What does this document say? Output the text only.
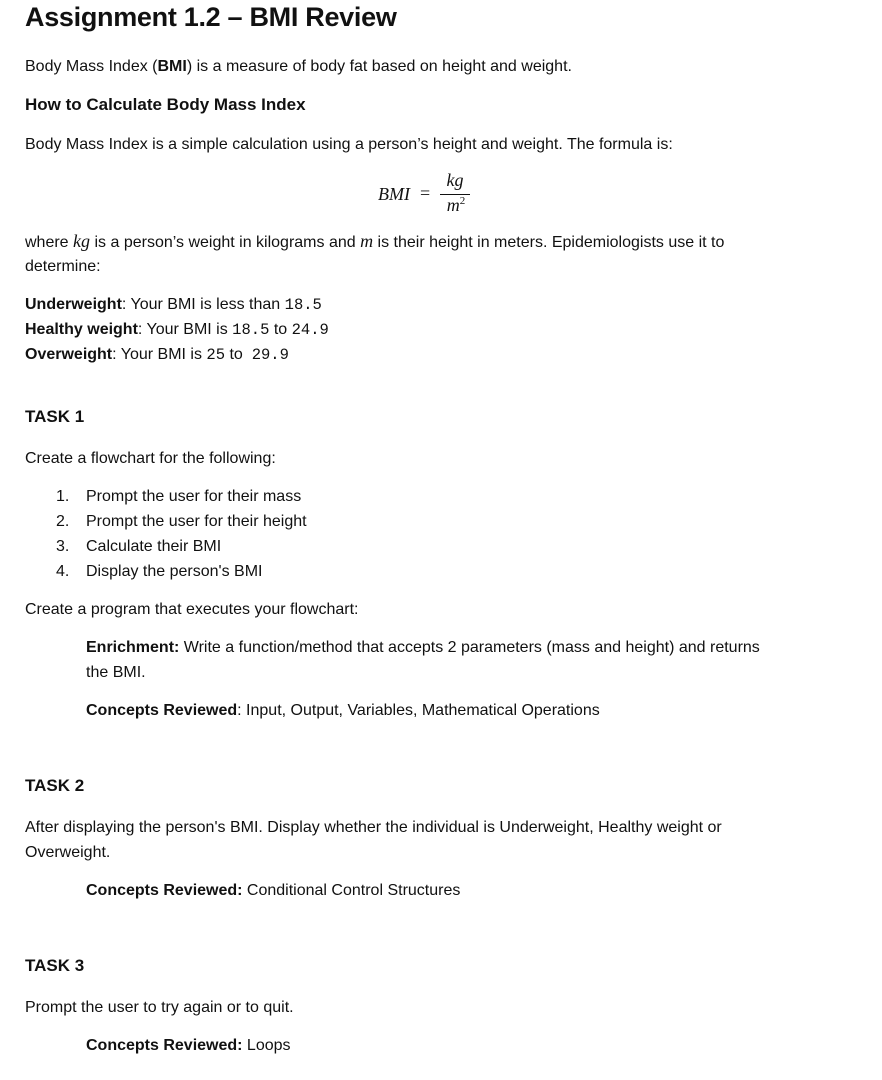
Assignment 1.2 – BMI Review
Body Mass Index (BMI) is a measure of body fat based on height and weight.
How to Calculate Body Mass Index
Body Mass Index is a simple calculation using a person’s height and weight. The formula is:
BMI =
kg
$m^2$
where kg is a person’s weight in kilograms and m is their height in meters. Epidemiologists use it to
determine:
Underweight: Your BMI is less than 18.5
Healthy weight: Your BMI is 18.5 to 24.9
Overweight: Your BMI is 25 to  29.9
TASK 1
Create a flowchart for the following:
1. Prompt the user for their mass
2. Prompt the user for their height
3. Calculate their BMI
4. Display the person's BMI
Create a program that executes your flowchart:
Enrichment: Write a function/method that accepts 2 parameters (mass and height) and returns
the BMI.
Concepts Reviewed: Input, Output, Variables, Mathematical Operations
TASK 2
After displaying the person's BMI. Display whether the individual is Underweight, Healthy weight or
Overweight.
Concepts Reviewed: Conditional Control Structures
TASK 3
Prompt the user to try again or to quit.
Concepts Reviewed: Loops
